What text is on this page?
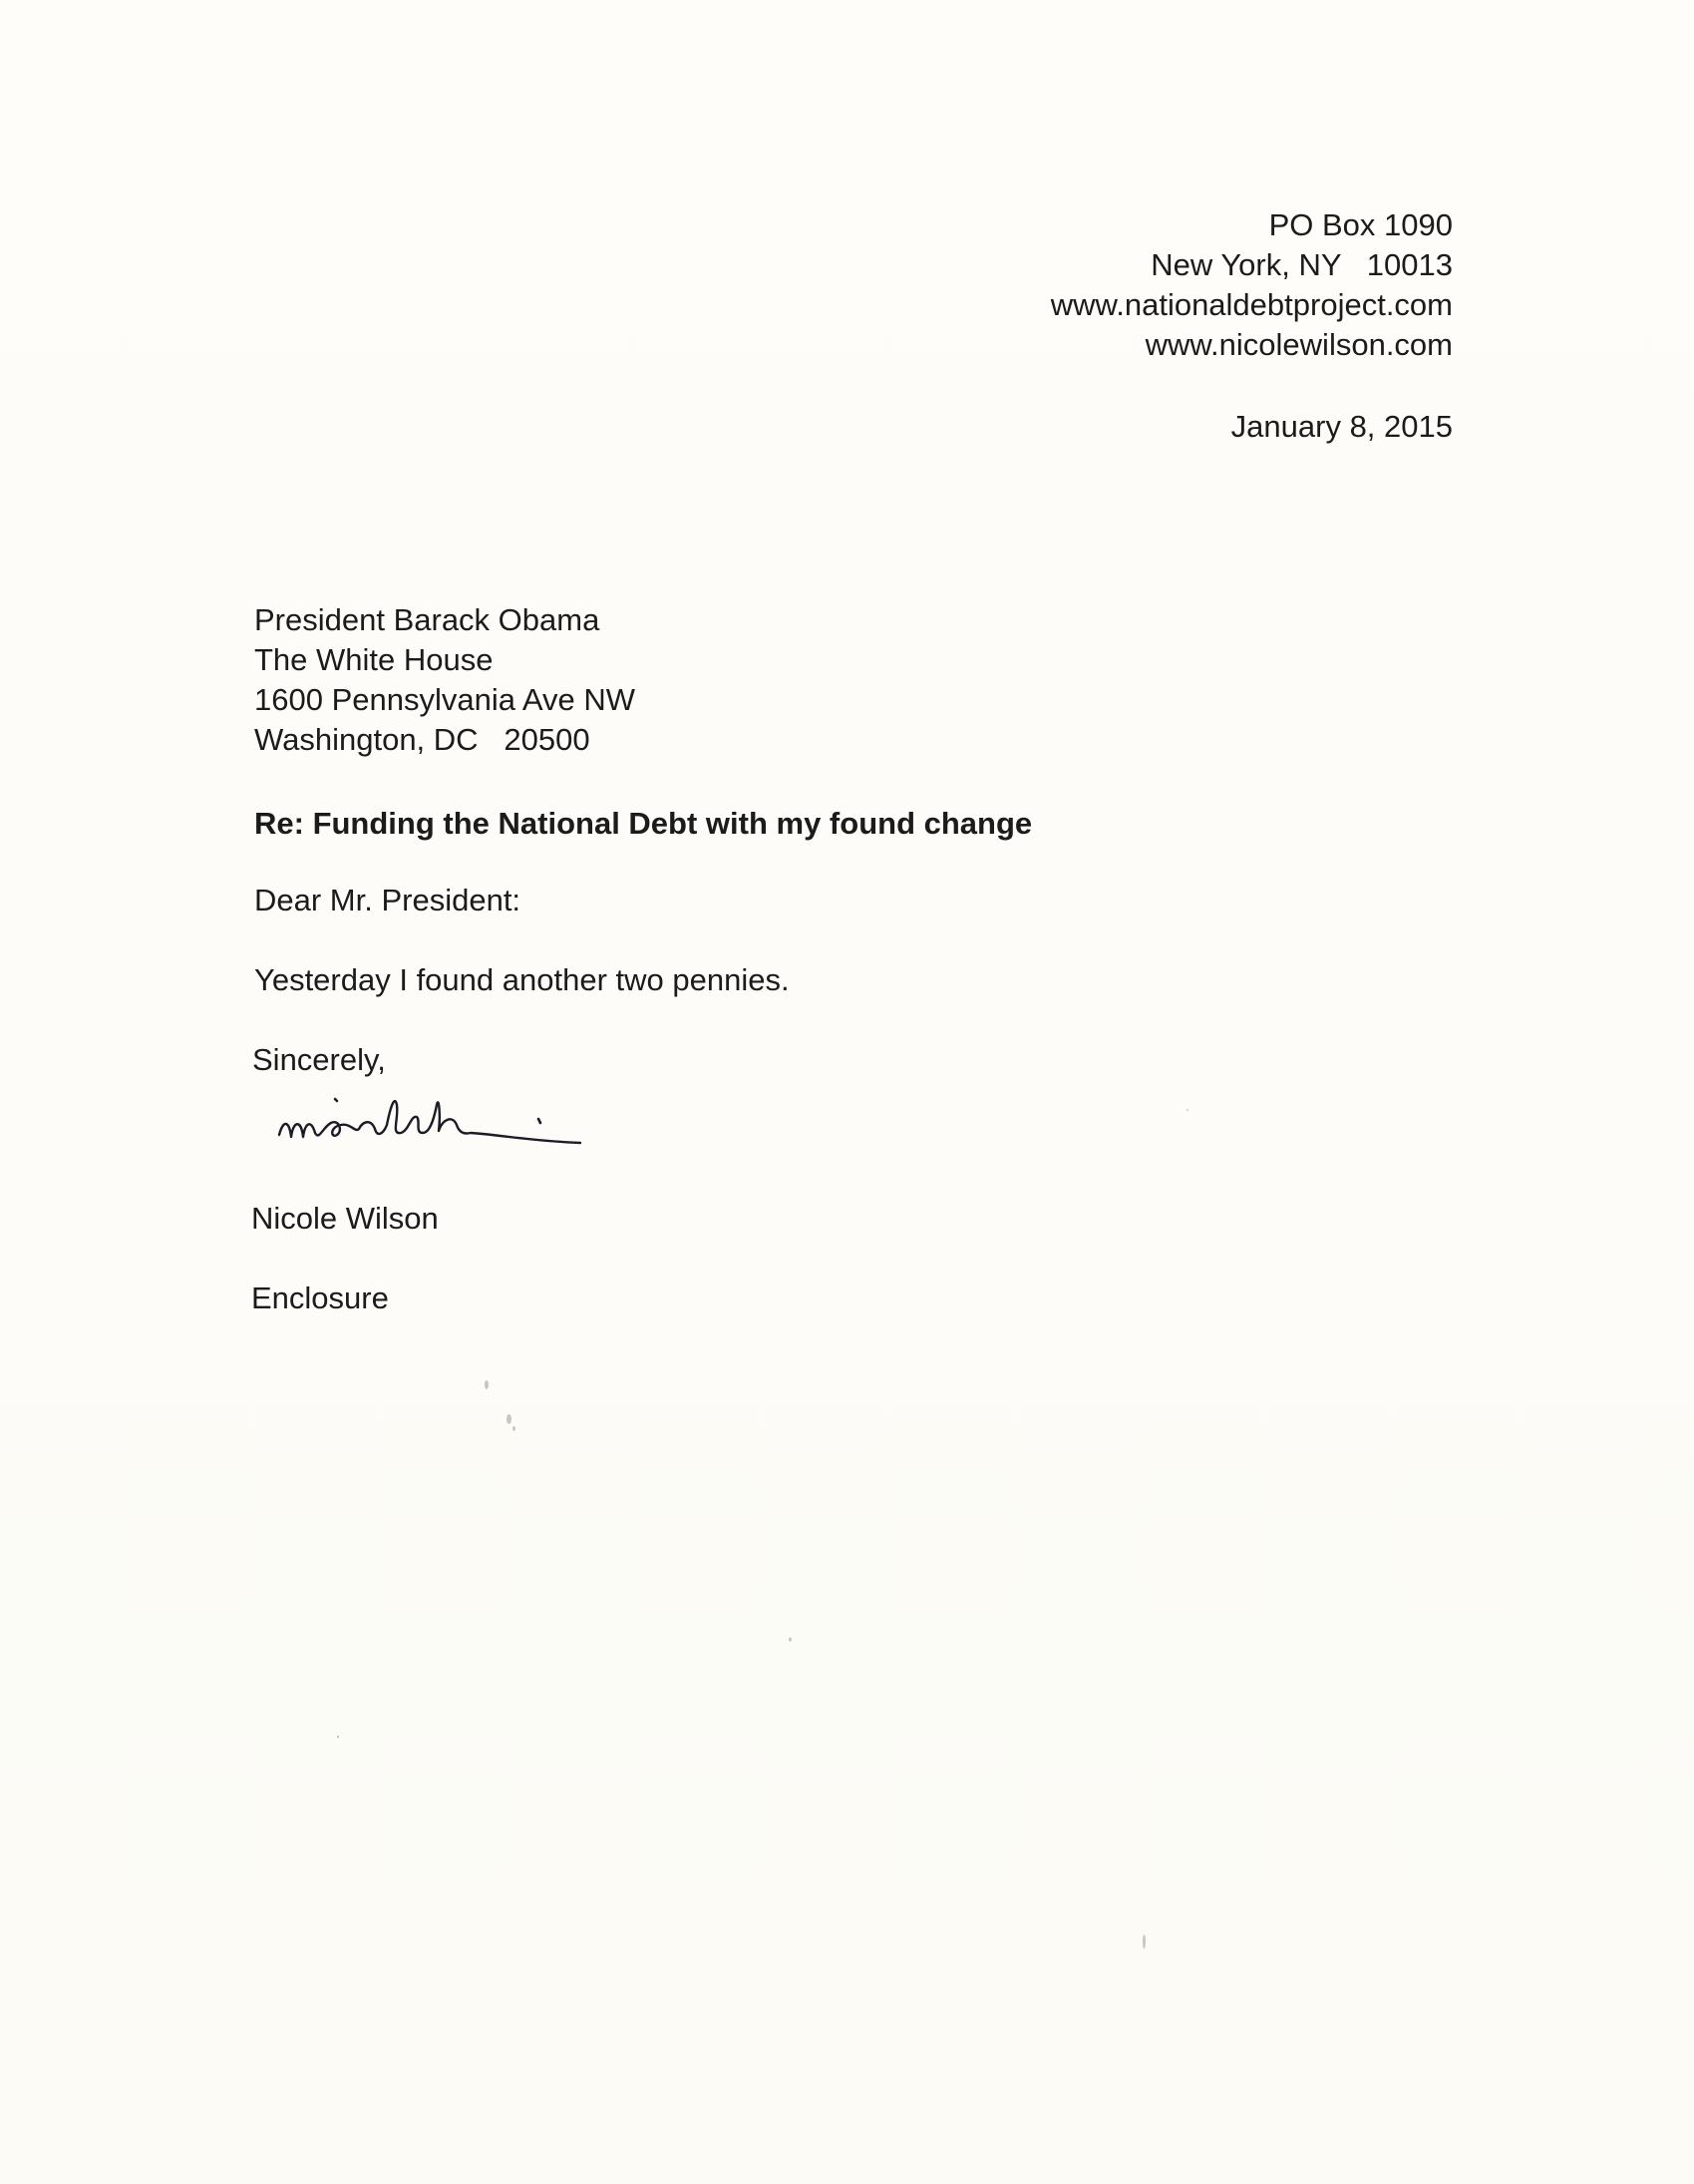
PO Box 1090
New York, NY   10013
www.nationaldebtproject.com
www.nicolewilson.com
January 8, 2015
President Barack Obama
The White House
1600 Pennsylvania Ave NW
Washington, DC   20500
Re: Funding the National Debt with my found change
Dear Mr. President:
Yesterday I found another two pennies.
Sincerely,
Nicole Wilson
Enclosure
